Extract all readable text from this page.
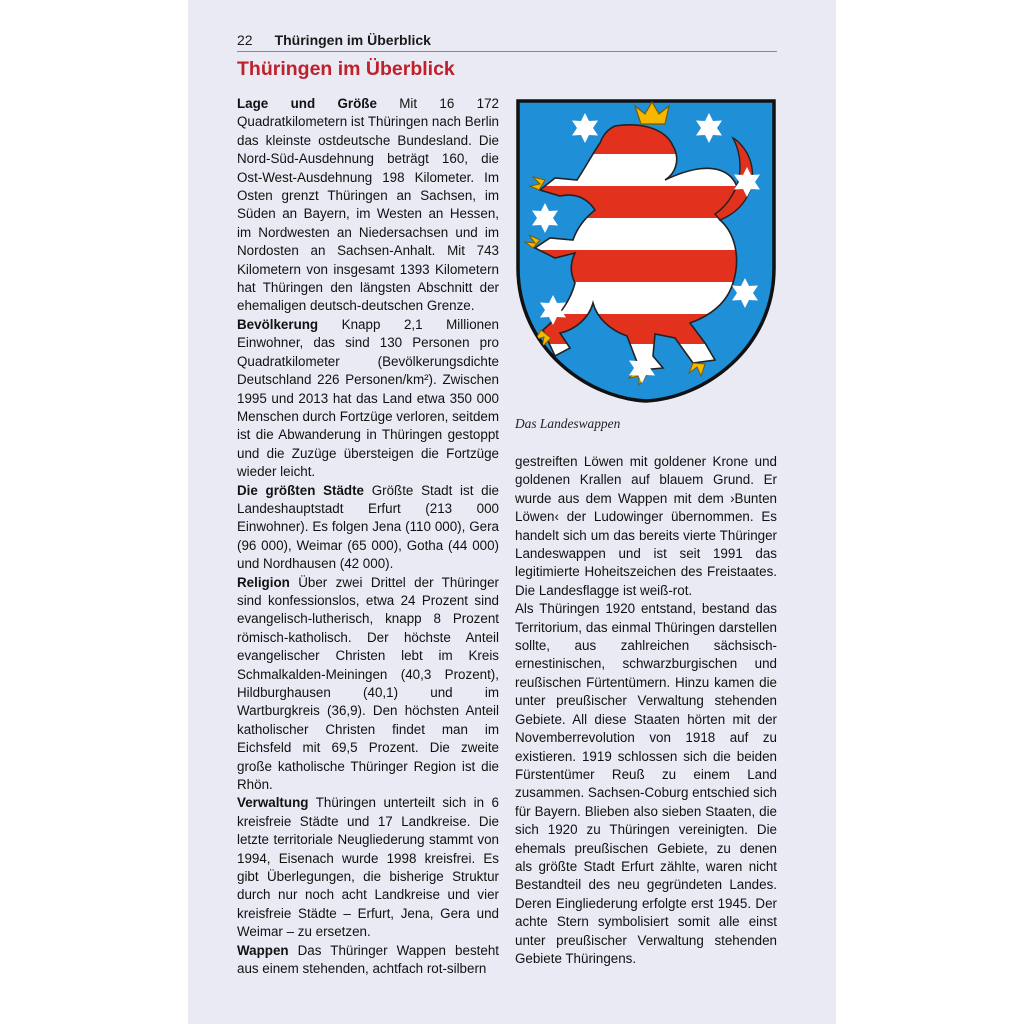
22 Thüringen im Überblick
Thüringen im Überblick

Lage und Größe Mit 16 172 Quadratkilometern ist Thüringen nach Berlin das kleinste ostdeutsche Bundesland. Die Nord-Süd-Ausdehnung beträgt 160, die Ost-West-Ausdehnung 198 Kilometer. Im Osten grenzt Thüringen an Sachsen, im Süden an Bayern, im Westen an Hessen, im Nordwesten an Niedersachsen und im Nordosten an Sachsen-Anhalt. Mit 743 Kilometern von insgesamt 1393 Kilometern hat Thüringen den längsten Abschnitt der ehemaligen deutsch-deutschen Grenze.

Bevölkerung Knapp 2,1 Millionen Einwohner, das sind 130 Personen pro Quadratkilometer (Bevölkerungsdichte Deutschland 226 Personen/km²). Zwischen 1995 und 2013 hat das Land etwa 350 000 Menschen durch Fortzüge verloren, seitdem ist die Abwanderung in Thüringen gestoppt und die Zuzüge übersteigen die Fortzüge wieder leicht.

Die größten Städte Größte Stadt ist die Landeshauptstadt Erfurt (213 000 Einwohner). Es folgen Jena (110 000), Gera (96 000), Weimar (65 000), Gotha (44 000) und Nordhausen (42 000).

Religion Über zwei Drittel der Thüringer sind konfessionslos, etwa 24 Prozent sind evangelisch-lutherisch, knapp 8 Prozent römisch-katholisch. Der höchste Anteil evangelischer Christen lebt im Kreis Schmalkalden-Meiningen (40,3 Prozent), Hildburghausen (40,1) und im Wartburgkreis (36,9). Den höchsten Anteil katholischer Christen findet man im Eichsfeld mit 69,5 Prozent. Die zweite große katholische Thüringer Region ist die Rhön.

Verwaltung Thüringen unterteilt sich in 6 kreisfreie Städte und 17 Landkreise. Die letzte territoriale Neugliederung stammt von 1994, Eisenach wurde 1998 kreisfrei. Es gibt Überlegungen, die bisherige Struktur durch nur noch acht Landkreise und vier kreisfreie Städte – Erfurt, Jena, Gera und Weimar – zu ersetzen.

Wappen Das Thüringer Wappen besteht aus einem stehenden, achtfach rot-silbern

Das Landeswappen

gestreiften Löwen mit goldener Krone und goldenen Krallen auf blauem Grund. Er wurde aus dem Wappen mit dem ›Bunten Löwen‹ der Ludowinger übernommen. Es handelt sich um das bereits vierte Thüringer Landeswappen und ist seit 1991 das legitimierte Hoheitszeichen des Freistaates. Die Landesflagge ist weiß-rot.

Als Thüringen 1920 entstand, bestand das Territorium, das einmal Thüringen darstellen sollte, aus zahlreichen sächsisch-ernestinischen, schwarzburgischen und reußischen Fürtentümern. Hinzu kamen die unter preußischer Verwaltung stehenden Gebiete. All diese Staaten hörten mit der Novemberrevolution von 1918 auf zu existieren. 1919 schlossen sich die beiden Fürstentümer Reuß zu einem Land zusammen. Sachsen-Coburg entschied sich für Bayern. Blieben also sieben Staaten, die sich 1920 zu Thüringen vereinigten. Die ehemals preußischen Gebiete, zu denen als größte Stadt Erfurt zählte, waren nicht Bestandteil des neu gegründeten Landes. Deren Eingliederung erfolgte erst 1945. Der achte Stern symbolisiert somit alle einst unter preußischer Verwaltung stehenden Gebiete Thüringens.
